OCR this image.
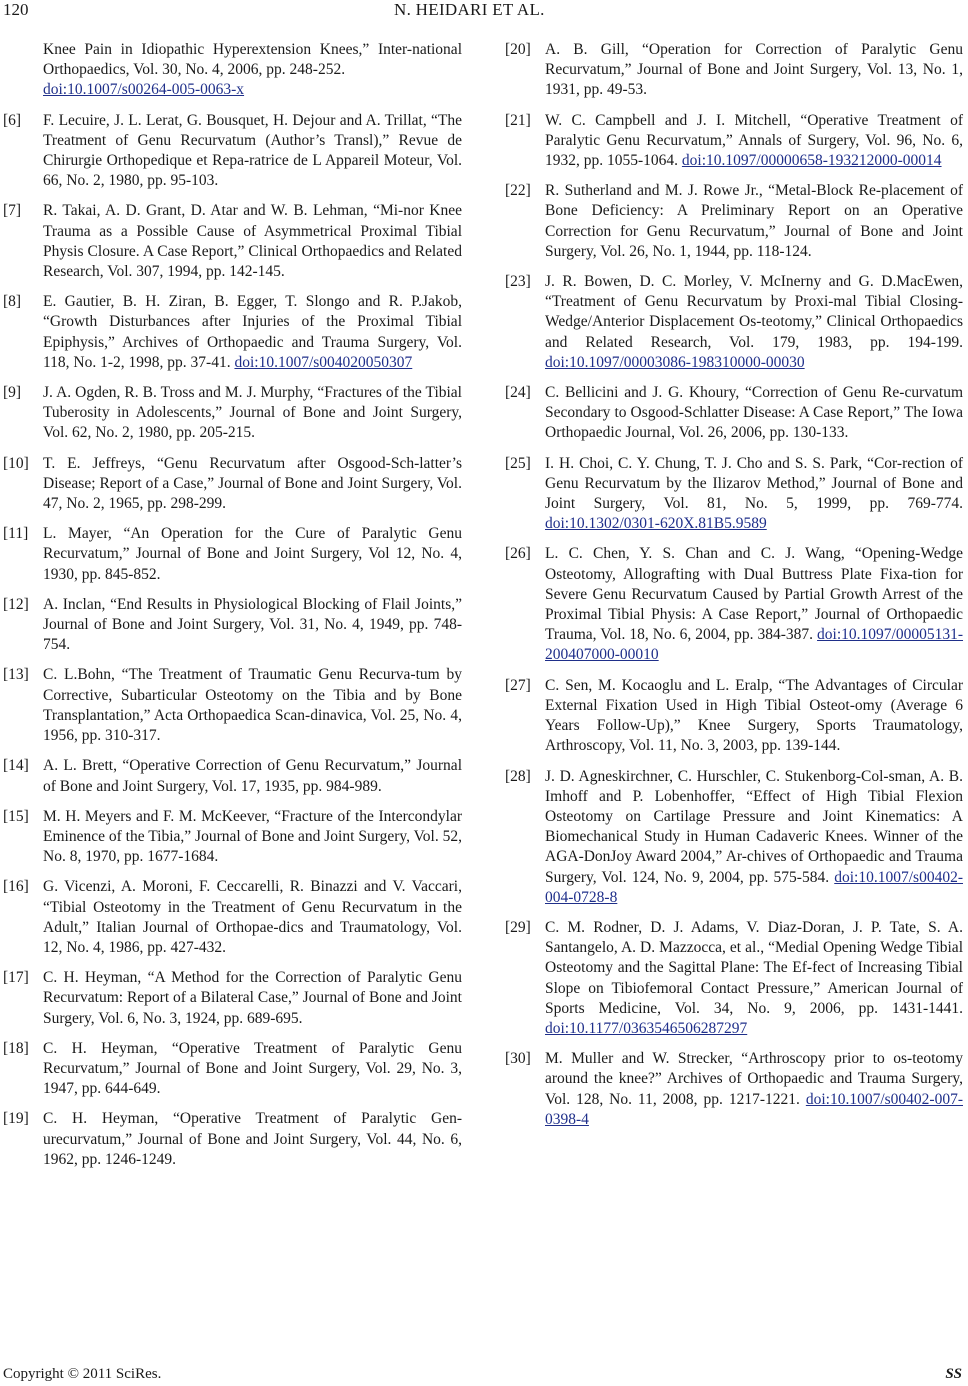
120	N. HEIDARI ET AL.
Knee Pain in Idiopathic Hyperextension Knees,” Inter-national Orthopaedics, Vol. 30, No. 4, 2006, pp. 248-252.
doi:10.1007/s00264-005-0063-x
[6] F. Lecuire, J. L. Lerat, G. Bousquet, H. Dejour and A. Trillat, “The Treatment of Genu Recurvatum (Author’s Transl),” Revue de Chirurgie Orthopedique et Repa-ratrice de L Appareil Moteur, Vol. 66, No. 2, 1980, pp. 95-103.
[7] R. Takai, A. D. Grant, D. Atar and W. B. Lehman, “Mi-nor Knee Trauma as a Possible Cause of Asymmetrical Proximal Tibial Physis Closure. A Case Report,” Clinical Orthopaedics and Related Research, Vol. 307, 1994, pp. 142-145.
[8] E. Gautier, B. H. Ziran, B. Egger, T. Slongo and R. P.Jakob, “Growth Disturbances after Injuries of the Proximal Tibial Epiphysis,” Archives of Orthopaedic and Trauma Surgery, Vol. 118, No. 1-2, 1998, pp. 37-41. doi:10.1007/s004020050307
[9] J. A. Ogden, R. B. Tross and M. J. Murphy, “Fractures of the Tibial Tuberosity in Adolescents,” Journal of Bone and Joint Surgery, Vol. 62, No. 2, 1980, pp. 205-215.
[10] T. E. Jeffreys, “Genu Recurvatum after Osgood-Sch-latter’s Disease; Report of a Case,” Journal of Bone and Joint Surgery, Vol. 47, No. 2, 1965, pp. 298-299.
[11] L. Mayer, “An Operation for the Cure of Paralytic Genu Recurvatum,” Journal of Bone and Joint Surgery, Vol 12, No. 4, 1930, pp. 845-852.
[12] A. Inclan, “End Results in Physiological Blocking of Flail Joints,” Journal of Bone and Joint Surgery, Vol. 31, No. 4, 1949, pp. 748-754.
[13] C. L.Bohn, “The Treatment of Traumatic Genu Recurva-tum by Corrective, Subarticular Osteotomy on the Tibia and by Bone Transplantation,” Acta Orthopaedica Scan-dinavica, Vol. 25, No. 4, 1956, pp. 310-317.
[14] A. L. Brett, “Operative Correction of Genu Recurvatum,” Journal of Bone and Joint Surgery, Vol. 17, 1935, pp. 984-989.
[15] M. H. Meyers and F. M. McKeever, “Fracture of the Intercondylar Eminence of the Tibia,” Journal of Bone and Joint Surgery, Vol. 52, No. 8, 1970, pp. 1677-1684.
[16] G. Vicenzi, A. Moroni, F. Ceccarelli, R. Binazzi and V. Vaccari, “Tibial Osteotomy in the Treatment of Genu Recurvatum in the Adult,” Italian Journal of Orthopae-dics and Traumatology, Vol. 12, No. 4, 1986, pp. 427-432.
[17] C. H. Heyman, “A Method for the Correction of Paralytic Genu Recurvatum: Report of a Bilateral Case,” Journal of Bone and Joint Surgery, Vol. 6, No. 3, 1924, pp. 689-695.
[18] C. H. Heyman, “Operative Treatment of Paralytic Genu Recurvatum,” Journal of Bone and Joint Surgery, Vol. 29, No. 3, 1947, pp. 644-649.
[19] C. H. Heyman, “Operative Treatment of Paralytic Gen-urecurvatum,” Journal of Bone and Joint Surgery, Vol. 44, No. 6, 1962, pp. 1246-1249.
[20] A. B. Gill, “Operation for Correction of Paralytic Genu Recurvatum,” Journal of Bone and Joint Surgery, Vol. 13, No. 1, 1931, pp. 49-53.
[21] W. C. Campbell and J. I. Mitchell, “Operative Treatment of Paralytic Genu Recurvatum,” Annals of Surgery, Vol. 96, No. 6, 1932, pp. 1055-1064. doi:10.1097/00000658-193212000-00014
[22] R. Sutherland and M. J. Rowe Jr., “Metal-Block Re-placement of Bone Deficiency: A Preliminary Report on an Operative Correction for Genu Recurvatum,” Journal of Bone and Joint Surgery, Vol. 26, No. 1, 1944, pp. 118-124.
[23] J. R. Bowen, D. C. Morley, V. McInerny and G. D.MacEwen, “Treatment of Genu Recurvatum by Proxi-mal Tibial Closing-Wedge/Anterior Displacement Os-teotomy,” Clinical Orthopaedics and Related Research, Vol. 179, 1983, pp. 194-199. doi:10.1097/00003086-198310000-00030
[24] C. Bellicini and J. G. Khoury, “Correction of Genu Re-curvatum Secondary to Osgood-Schlatter Disease: A Case Report,” The Iowa Orthopaedic Journal, Vol. 26, 2006, pp. 130-133.
[25] I. H. Choi, C. Y. Chung, T. J. Cho and S. S. Park, “Cor-rection of Genu Recurvatum by the Ilizarov Method,” Journal of Bone and Joint Surgery, Vol. 81, No. 5, 1999, pp. 769-774. doi:10.1302/0301-620X.81B5.9589
[26] L. C. Chen, Y. S. Chan and C. J. Wang, “Opening-Wedge Osteotomy, Allografting with Dual Buttress Plate Fixa-tion for Severe Genu Recurvatum Caused by Partial Growth Arrest of the Proximal Tibial Physis: A Case Report,” Journal of Orthopaedic Trauma, Vol. 18, No. 6, 2004, pp. 384-387. doi:10.1097/00005131-200407000-00010
[27] C. Sen, M. Kocaoglu and L. Eralp, “The Advantages of Circular External Fixation Used in High Tibial Osteot-omy (Average 6 Years Follow-Up),” Knee Surgery, Sports Traumatology, Arthroscopy, Vol. 11, No. 3, 2003, pp. 139-144.
[28] J. D. Agneskirchner, C. Hurschler, C. Stukenborg-Col-sman, A. B. Imhoff and P. Lobenhoffer, “Effect of High Tibial Flexion Osteotomy on Cartilage Pressure and Joint Kinematics: A Biomechanical Study in Human Cadaveric Knees. Winner of the AGA-DonJoy Award 2004,” Ar-chives of Orthopaedic and Trauma Surgery, Vol. 124, No. 9, 2004, pp. 575-584. doi:10.1007/s00402-004-0728-8
[29] C. M. Rodner, D. J. Adams, V. Diaz-Doran, J. P. Tate, S. A. Santangelo, A. D. Mazzocca, et al., “Medial Opening Wedge Tibial Osteotomy and the Sagittal Plane: The Ef-fect of Increasing Tibial Slope on Tibiofemoral Contact Pressure,” American Journal of Sports Medicine, Vol. 34, No. 9, 2006, pp. 1431-1441. doi:10.1177/0363546506287297
[30] M. Muller and W. Strecker, “Arthroscopy prior to os-teotomy around the knee?” Archives of Orthopaedic and Trauma Surgery, Vol. 128, No. 11, 2008, pp. 1217-1221. doi:10.1007/s00402-007-0398-4
Copyright © 2011 SciRes.	SS
